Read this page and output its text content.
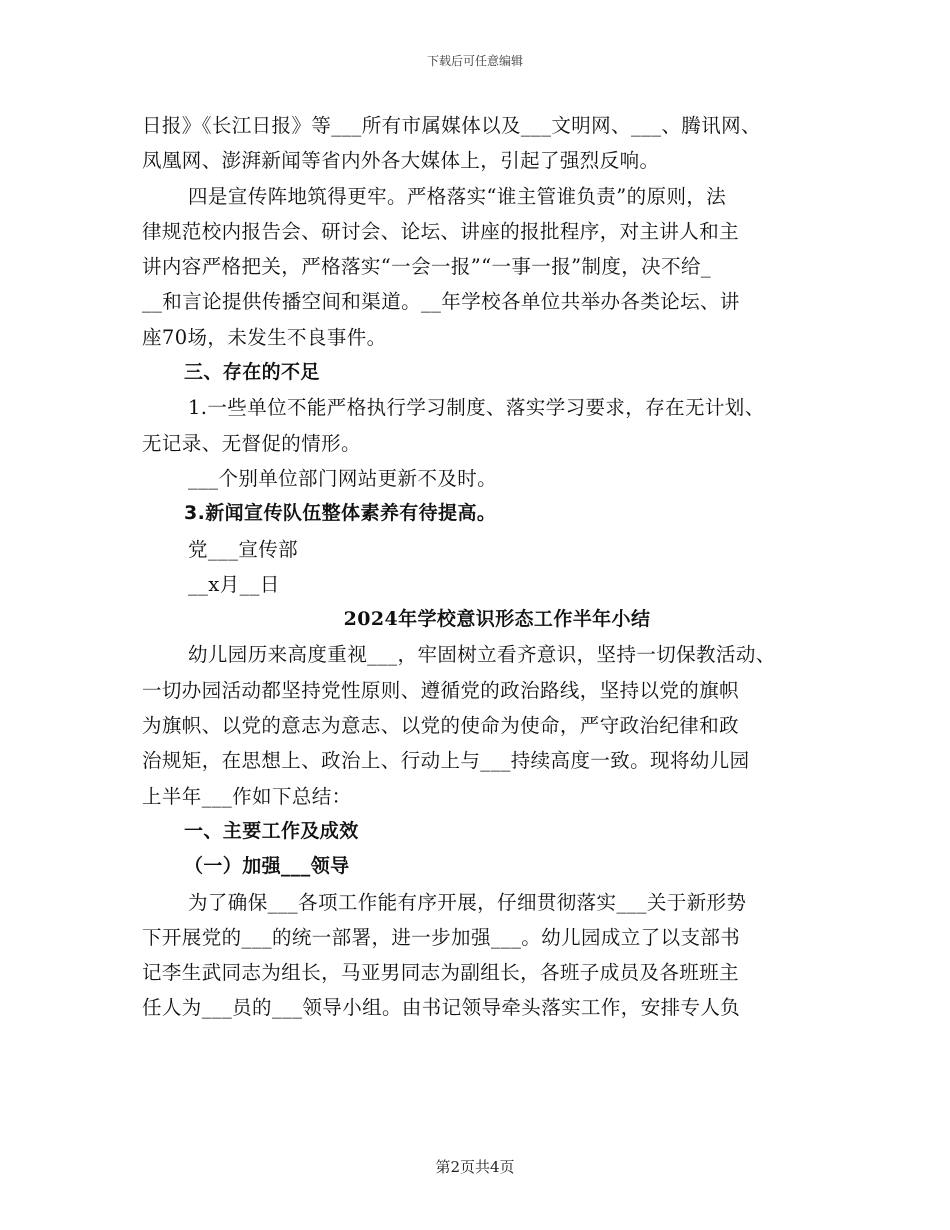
下载后可任意编辑
日报》《长江日报》等___所有市属媒体以及___文明网、___、腾讯网、
凤凰网、澎湃新闻等省内外各大媒体上，引起了强烈反响。
四是宣传阵地筑得更牢。严格落实“谁主管谁负责”的原则，法
律规范校内报告会、研讨会、论坛、讲座的报批程序，对主讲人和主
讲内容严格把关，严格落实“一会一报”“一事一报”制度，决不给_
__和言论提供传播空间和渠道。__年学校各单位共举办各类论坛、讲
座70场，未发生不良事件。
三、存在的不足
1.一些单位不能严格执行学习制度、落实学习要求，存在无计划、
无记录、无督促的情形。
___个别单位部门网站更新不及时。
3.新闻宣传队伍整体素养有待提高。
党___宣传部
__x月__日
2024年学校意识形态工作半年小结
幼儿园历来高度重视___，牢固树立看齐意识，坚持一切保教活动、
一切办园活动都坚持党性原则、遵循党的政治路线，坚持以党的旗帜
为旗帜、以党的意志为意志、以党的使命为使命，严守政治纪律和政
治规矩，在思想上、政治上、行动上与___持续高度一致。现将幼儿园
上半年___作如下总结：
一、主要工作及成效
（一）加强___领导
为了确保___各项工作能有序开展，仔细贯彻落实___关于新形势
下开展党的___的统一部署，进一步加强___。幼儿园成立了以支部书
记李生武同志为组长，马亚男同志为副组长，各班子成员及各班班主
任人为___员的___领导小组。由书记领导牵头落实工作，安排专人负
第2页共4页
